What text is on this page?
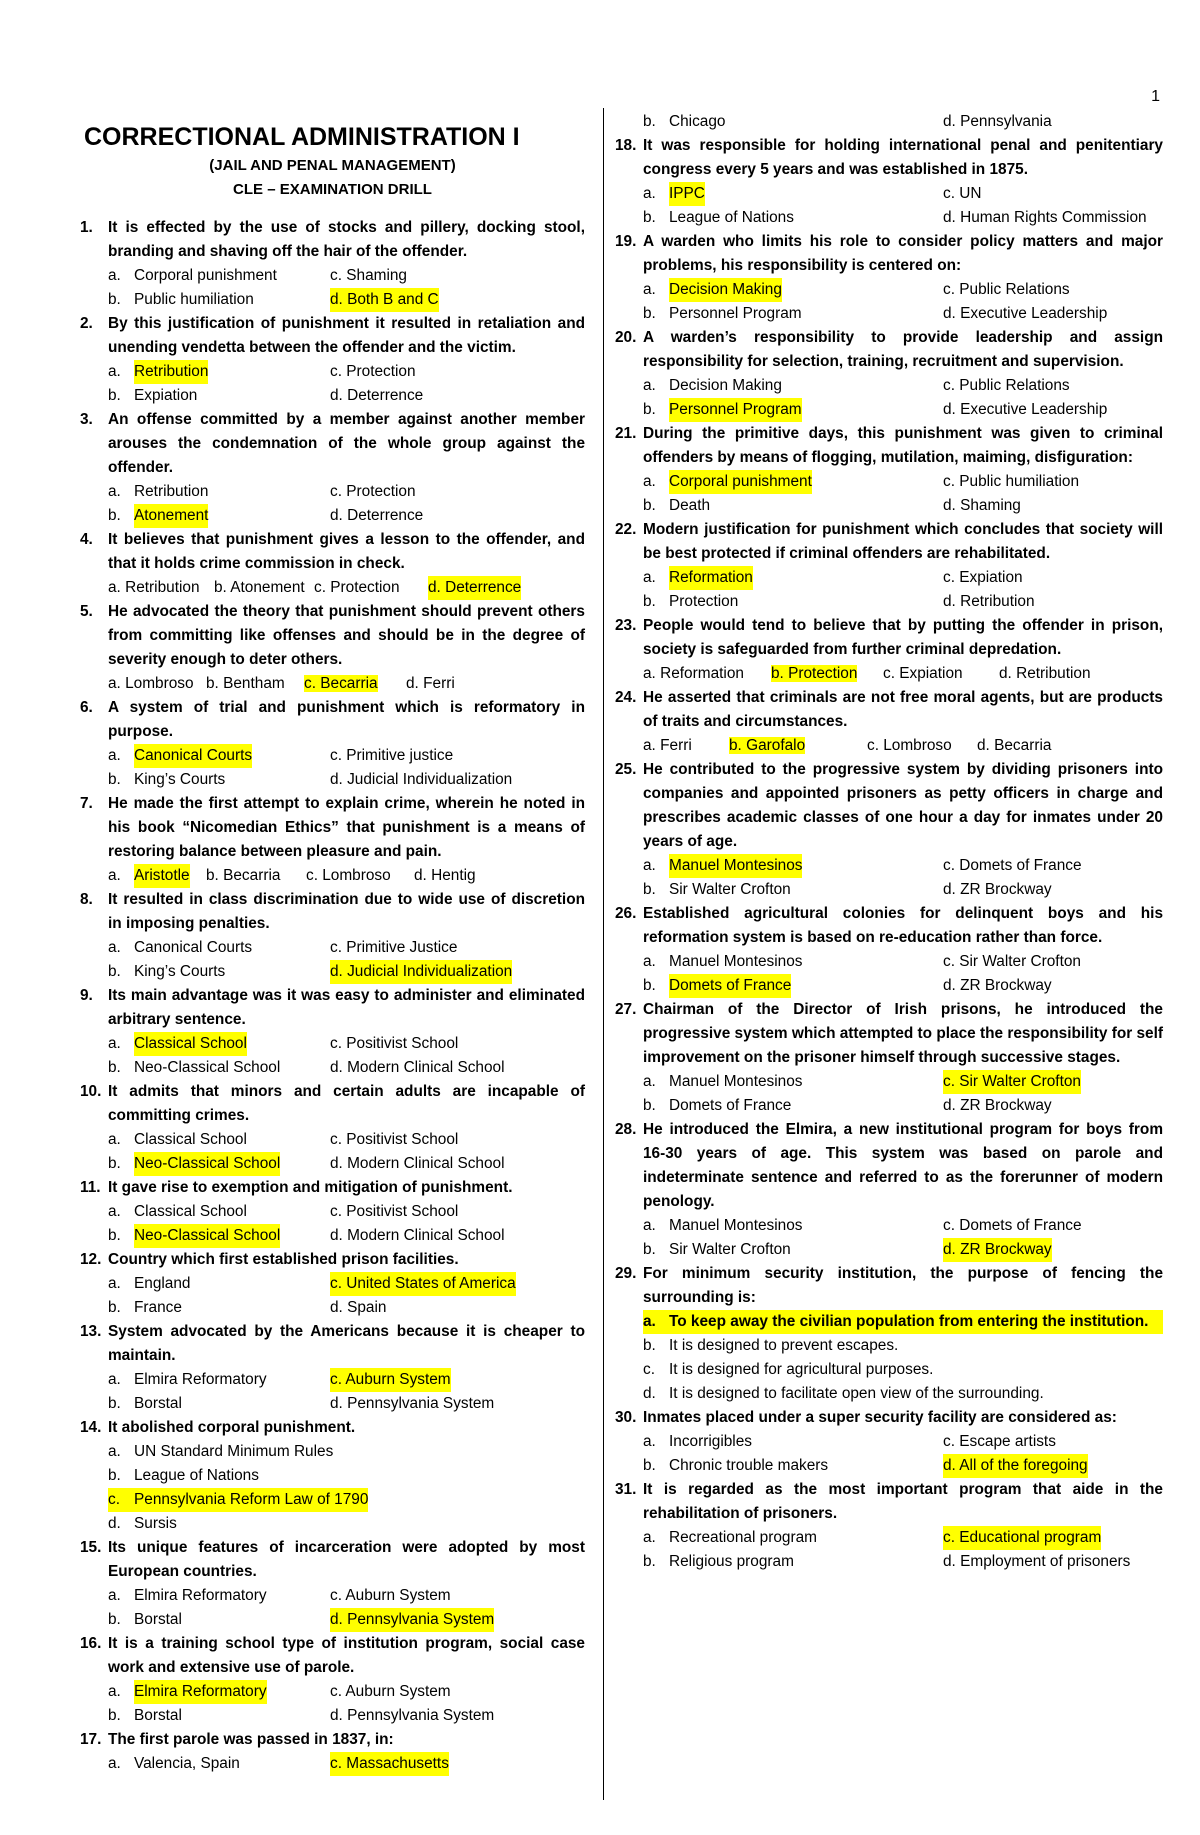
1
CORRECTIONAL ADMINISTRATION I
(JAIL AND PENAL MANAGEMENT)
CLE – EXAMINATION DRILL
1. It is effected by the use of stocks and pillery, docking stool, branding and shaving off the hair of the offender.
a. Corporal punishment	c. Shaming
b. Public humiliation	d. Both B and C
2. By this justification of punishment it resulted in retaliation and unending vendetta between the offender and the victim.
a. Retribution	c. Protection
b. Expiation	d. Deterrence
3. An offense committed by a member against another member arouses the condemnation of the whole group against the offender.
a. Retribution	c. Protection
b. Atonement	d. Deterrence
4. It believes that punishment gives a lesson to the offender, and that it holds crime commission in check.
a. Retribution b. Atonement c. Protection	d. Deterrence
5. He advocated the theory that punishment should prevent others from committing like offenses and should be in the degree of severity enough to deter others.
a. Lombroso b. Bentham	c. Becarria	d. Ferri
6. A system of trial and punishment which is reformatory in purpose.
a. Canonical Courts	c. Primitive justice
b. King’s Courts	d. Judicial Individualization
7. He made the first attempt to explain crime, wherein he noted in his book “Nicomedian Ethics” that punishment is a means of restoring balance between pleasure and pain.
a. Aristotle b. Becarria	c. Lombroso	d. Hentig
8. It resulted in class discrimination due to wide use of discretion in imposing penalties.
a. Canonical Courts	c. Primitive Justice
b. King’s Courts	d. Judicial Individualization
9. Its main advantage was it was easy to administer and eliminated arbitrary sentence.
a. Classical School	c. Positivist School
b. Neo-Classical School	d. Modern Clinical School
10. It admits that minors and certain adults are incapable of committing crimes.
a. Classical School	c. Positivist School
b. Neo-Classical School	d. Modern Clinical School
11. It gave rise to exemption and mitigation of punishment.
a. Classical School	c. Positivist School
b. Neo-Classical School	d. Modern Clinical School
12. Country which first established prison facilities.
a. England	c. United States of America
b. France	d. Spain
13. System advocated by the Americans because it is cheaper to maintain.
a. Elmira Reformatory	c. Auburn System
b. Borstal	d. Pennsylvania System
14. It abolished corporal punishment.
a. UN Standard Minimum Rules
b. League of Nations
c. Pennsylvania Reform Law of 1790
d. Sursis
15. Its unique features of incarceration were adopted by most European countries.
a. Elmira Reformatory	c. Auburn System
b. Borstal	d. Pennsylvania System
16. It is a training school type of institution program, social case work and extensive use of parole.
a. Elmira Reformatory	c. Auburn System
b. Borstal	d. Pennsylvania System
17. The first parole was passed in 1837, in:
a. Valencia, Spain	c. Massachusetts
b. Chicago	d. Pennsylvania
18. It was responsible for holding international penal and penitentiary congress every 5 years and was established in 1875.
a. IPPC	c. UN
b. League of Nations	d. Human Rights Commission
19. A warden who limits his role to consider policy matters and major problems, his responsibility is centered on:
a. Decision Making	c. Public Relations
b. Personnel Program	d. Executive Leadership
20. A warden’s responsibility to provide leadership and assign responsibility for selection, training, recruitment and supervision.
a. Decision Making	c. Public Relations
b. Personnel Program	d. Executive Leadership
21. During the primitive days, this punishment was given to criminal offenders by means of flogging, mutilation, maiming, disfiguration:
a. Corporal punishment	c. Public humiliation
b. Death	d. Shaming
22. Modern justification for punishment which concludes that society will be best protected if criminal offenders are rehabilitated.
a. Reformation	c. Expiation
b. Protection	d. Retribution
23. People would tend to believe that by putting the offender in prison, society is safeguarded from further criminal depredation.
a. Reformation	b. Protection	c. Expiation	d. Retribution
24. He asserted that criminals are not free moral agents, but are products of traits and circumstances.
a. Ferri	b. Garofalo	c. Lombroso	d. Becarria
25. He contributed to the progressive system by dividing prisoners into companies and appointed prisoners as petty officers in charge and prescribes academic classes of one hour a day for inmates under 20 years of age.
a. Manuel Montesinos	c. Domets of France
b. Sir Walter Crofton	d. ZR Brockway
26. Established agricultural colonies for delinquent boys and his reformation system is based on re-education rather than force.
a. Manuel Montesinos	c. Sir Walter Crofton
b. Domets of France	d. ZR Brockway
27. Chairman of the Director of Irish prisons, he introduced the progressive system which attempted to place the responsibility for self improvement on the prisoner himself through successive stages.
a. Manuel Montesinos	c. Sir Walter Crofton
b. Domets of France	d. ZR Brockway
28. He introduced the Elmira, a new institutional program for boys from 16-30 years of age. This system was based on parole and indeterminate sentence and referred to as the forerunner of modern penology.
a. Manuel Montesinos	c. Domets of France
b. Sir Walter Crofton	d. ZR Brockway
29. For minimum security institution, the purpose of fencing the surrounding is:
a. To keep away the civilian population from entering the institution.
b. It is designed to prevent escapes.
c. It is designed for agricultural purposes.
d. It is designed to facilitate open view of the surrounding.
30. Inmates placed under a super security facility are considered as:
a. Incorrigibles	c. Escape artists
b. Chronic trouble makers	d. All of the foregoing
31. It is regarded as the most important program that aide in the rehabilitation of prisoners.
a. Recreational program	c. Educational program
b. Religious program	d. Employment of prisoners
